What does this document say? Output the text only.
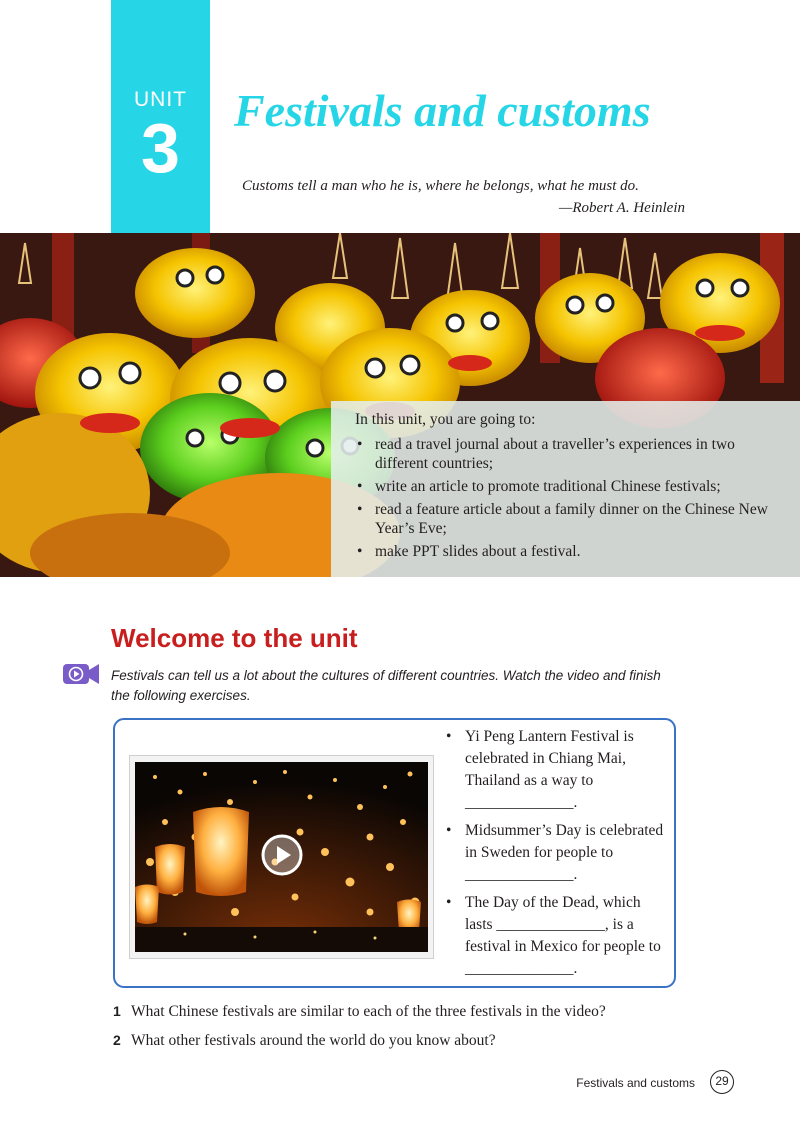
UNIT
3	Festivals and customs
Customs tell a man who he is, where he belongs, what he must do.
—Robert A. Heinlein
In this unit, you are going to:
• read a travel journal about a traveller’s experiences in two different countries;
• write an article to promote traditional Chinese festivals;
• read a feature article about a family dinner on the Chinese New Year’s Eve;
• make PPT slides about a festival.
Welcome to the unit
Festivals can tell us a lot about the cultures of different countries. Watch the video and finish the following exercises.
• Yi Peng Lantern Festival is celebrated in Chiang Mai, Thailand as a way to ______________.
• Midsummer’s Day is celebrated in Sweden for people to ______________.
• The Day of the Dead, which lasts ______________, is a festival in Mexico for people to ______________.
1 What Chinese festivals are similar to each of the three festivals in the video?
2 What other festivals around the world do you know about?
Festivals and customs	29
